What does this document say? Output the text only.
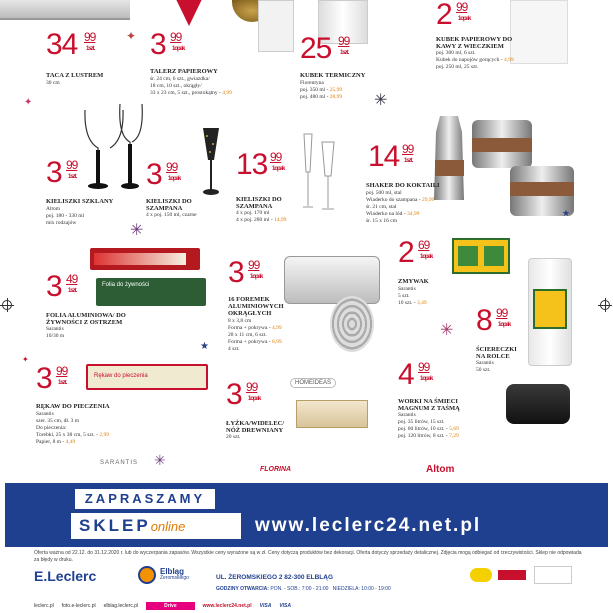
34 99
1szt.
TACA Z LUSTREM
30 cm
3 99
1opak
TALERZ PAPIEROWY
śr. 24 cm, 6 szt., gwiazdka/
18 cm, 10 szt., okrągły/
33 x 23 cm, 5 szt., prostokątny - 4,99
25 99
1szt.
KUBEK TERMICZNY
Florentyna
poj. 350 ml - 25,99
poj. 480 ml - 28,99
2 99
1opak
KUBEK PAPIEROWY DO KAWY Z WIECZKIEM
poj. 300 ml, 6 szt.
Kubek do napojów gorących - 4,99
poj. 250 ml, 25 szt.
3 99
1szt.
KIELISZKI SZKLANY
Altom
poj. 180 - 330 ml
mix rodzajów
3 99
1opak
KIELISZKI DO SZAMPANA
4 x poj. 150 ml, czarne
13 99
1opak
KIELISZKI DO SZAMPANA
4 x poj. 170 ml
4 x poj. 280 ml - 14,99
14 99
1szt.
SHAKER DO KOKTAILI
poj. 500 ml, stal
Wiaderko do szampana - 29,99
śr. 21 cm, stal
Wiaderko na lód - 34,99
śr. 15 x 16 cm
Folia do żywności
3 49
1szt.
FOLIA ALUMINIOWA/ DO ŻYWNOŚCI Z OSTRZEM
Sarantis
10/30 m
3 99
1opak
16 FOREMEK ALUMINIOWYCH OKRĄGŁYCH
8 x 3,8 cm
Forma + pokrywa - 4,99
28 x 11 cm, 6 szt.
Forma + pokrywa - 6,99
4 szt.
2 69
1opak
ZMYWAK
Sarantis
5 szt.
10 szt. - 3,49
8 99
1opak
ŚCIERECZKI NA ROLCE
Sarantis
50 szt.
Rękaw do pieczenia
3 99
1szt.
RĘKAW DO PIECZENIA
Sarantis
szer. 35 cm, dł. 3 m
Do pieczenia:
Torebki, 25 x 38 cm, 5 szt. - 2,99
Papier, 8 m - 4,49
HOMEIDEAS
3 99
1opak
ŁYŻKA/WIDELEC/ NÓŻ DREWNIANY
20 szt.
4 99
1opak
WORKI NA ŚMIECI MAGNUM Z TAŚMĄ
Sarantis
poj. 35 litrów, 15 szt.
poj. 60 litrów, 10 szt. - 5,69
poj. 120 litrów, 8 szt. - 7,29
SARANTIS
FLORINA	Altom
✦
✳
✦
★
✳
✳
★
✦
✳
ZAPRASZAMY
SKLEPonline	www.leclerc24.net.pl
Oferta ważna od 22.12. do 31.12.2020 r. lub do wyczerpania zapasów. Wszystkie ceny wyrażone są w zł. Ceny dotyczą produktów bez dekoracji. Oferta dotyczy sprzedaży detalicznej. Zdjęcia mogą odbiegać od rzeczywistości. Sklep nie odpowiada za błędy w druku.
E.Leclerc	Elbląg
Żeromskiego	UL. ŻEROMSKIEGO 2 82-300 ELBLĄG
GODZINY OTWARCIA: PON. - SOB.: 7:00 - 21:00 NIEDZIELA: 10:00 - 19:00
leclerc.pl foto.e-leclerc.pl elblag.leclerc.pl	Drive	www.leclerc24.net.pl VISA VISA
